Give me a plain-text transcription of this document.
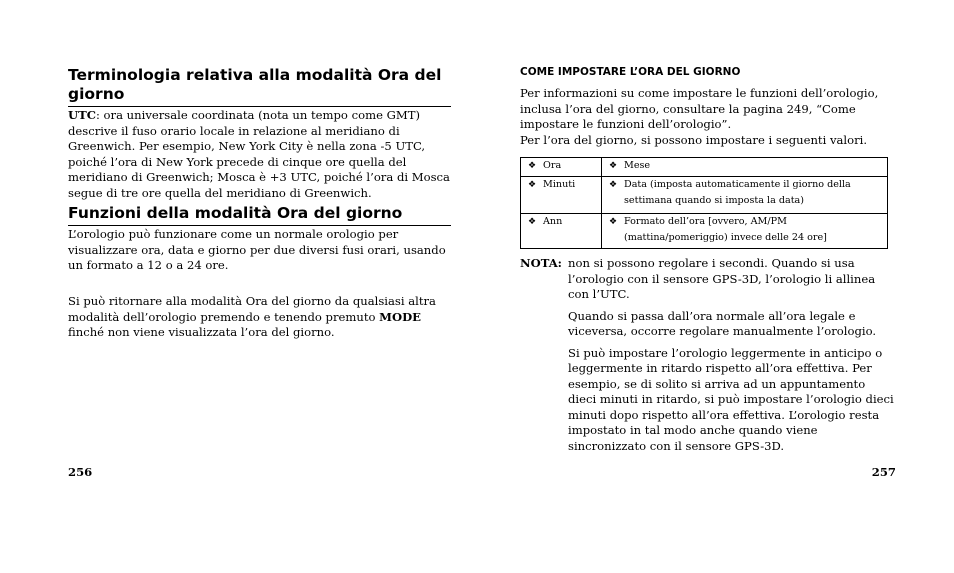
Terminologia relativa alla modalità Ora del giorno

UTC: ora universale coordinata (nota un tempo come GMT) descrive il fuso orario locale in relazione al meridiano di Greenwich. Per esempio, New York City è nella zona -5 UTC, poiché l’ora di New York precede di cinque ore quella del meridiano di Greenwich; Mosca è +3 UTC, poiché l’ora di Mosca segue di tre ore quella del meridiano di Greenwich.

Funzioni della modalità Ora del giorno

L’orologio può funzionare come un normale orologio per visualizzare ora, data e giorno per due diversi fusi orari, usando un formato a 12 o a 24 ore.

Si può ritornare alla modalità Ora del giorno da qualsiasi altra modalità dell’orologio premendo e tenendo premuto MODE finché non viene visualizzata l’ora del giorno.

256
COME IMPOSTARE L’ORA DEL GIORNO

Per informazioni su come impostare le funzioni dell’orologio, inclusa l’ora del giorno, consultare la pagina 249, “Come impostare le funzioni dell’orologio”.

Per l’ora del giorno, si possono impostare i seguenti valori.

❖ Ora	❖ Mese

❖ Minuti	❖ Data (imposta automaticamente il giorno della settimana quando si imposta la data)

❖ Ann	❖ Formato dell’ora [ovvero, AM/PM (mattina/pomeriggio) invece delle 24 ore]
NOTA: non si possono regolare i secondi. Quando si usa l’orologio con il sensore GPS-3D, l’orologio li allinea con l’UTC.

Quando si passa dall’ora normale all’ora legale e viceversa, occorre regolare manualmente l’orologio.

Si può impostare l’orologio leggermente in anticipo o leggermente in ritardo rispetto all’ora effettiva. Per esempio, se di solito si arriva ad un appuntamento dieci minuti in ritardo, si può impostare l’orologio dieci minuti dopo rispetto all’ora effettiva. L’orologio resta impostato in tal modo anche quando viene sincronizzato con il sensore GPS-3D.

257
